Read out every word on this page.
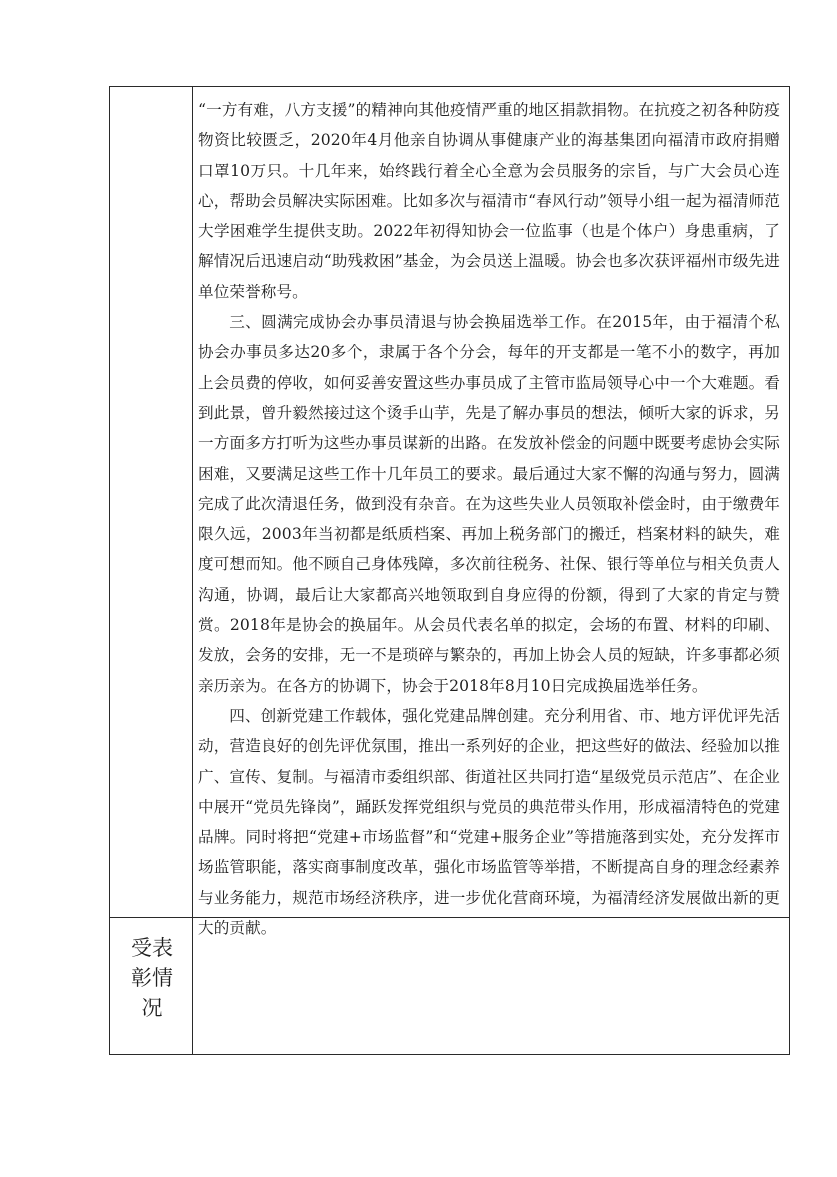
“一方有难，八方支援”的精神向其他疫情严重的地区捐款捐物。在抗疫之初各种防疫物资比较匮乏，2020年4月他亲自协调从事健康产业的海基集团向福清市政府捐赠口罩10万只。十几年来，始终践行着全心全意为会员服务的宗旨，与广大会员心连心，帮助会员解决实际困难。比如多次与福清市“春风行动”领导小组一起为福清师范大学困难学生提供支助。2022年初得知协会一位监事（也是个体户）身患重病，了解情况后迅速启动“助残救困”基金，为会员送上温暖。协会也多次获评福州市级先进单位荣誉称号。

三、圆满完成协会办事员清退与协会换届选举工作。在2015年，由于福清个私协会办事员多达20多个，隶属于各个分会，每年的开支都是一笔不小的数字，再加上会员费的停收，如何妥善安置这些办事员成了主管市监局领导心中一个大难题。看到此景，曾升毅然接过这个烫手山芋，先是了解办事员的想法，倾听大家的诉求，另一方面多方打听为这些办事员谋新的出路。在发放补偿金的问题中既要考虑协会实际困难，又要满足这些工作十几年员工的要求。最后通过大家不懈的沟通与努力，圆满完成了此次清退任务，做到没有杂音。在为这些失业人员领取补偿金时，由于缴费年限久远，2003年当初都是纸质档案、再加上税务部门的搬迁，档案材料的缺失，难度可想而知。他不顾自己身体残障，多次前往税务、社保、银行等单位与相关负责人沟通，协调，最后让大家都高兴地领取到自身应得的份额，得到了大家的肯定与赞赏。2018年是协会的换届年。从会员代表名单的拟定，会场的布置、材料的印刷、发放，会务的安排，无一不是琐碎与繁杂的，再加上协会人员的短缺，许多事都必须亲历亲为。在各方的协调下，协会于2018年8月10日完成换届选举任务。

四、创新党建工作载体，强化党建品牌创建。充分利用省、市、地方评优评先活动，营造良好的创先评优氛围，推出一系列好的企业，把这些好的做法、经验加以推广、宣传、复制。与福清市委组织部、街道社区共同打造“星级党员示范店”、在企业中展开“党员先锋岗”，踊跃发挥党组织与党员的典范带头作用，形成福清特色的党建品牌。同时将把“党建+市场监督”和“党建+服务企业”等措施落到实处，充分发挥市场监管职能，落实商事制度改革，强化市场监管等举措，不断提高自身的理念经素养与业务能力，规范市场经济秩序，进一步优化营商环境，为福清经济发展做出新的更大的贡献。

受表彰情况
